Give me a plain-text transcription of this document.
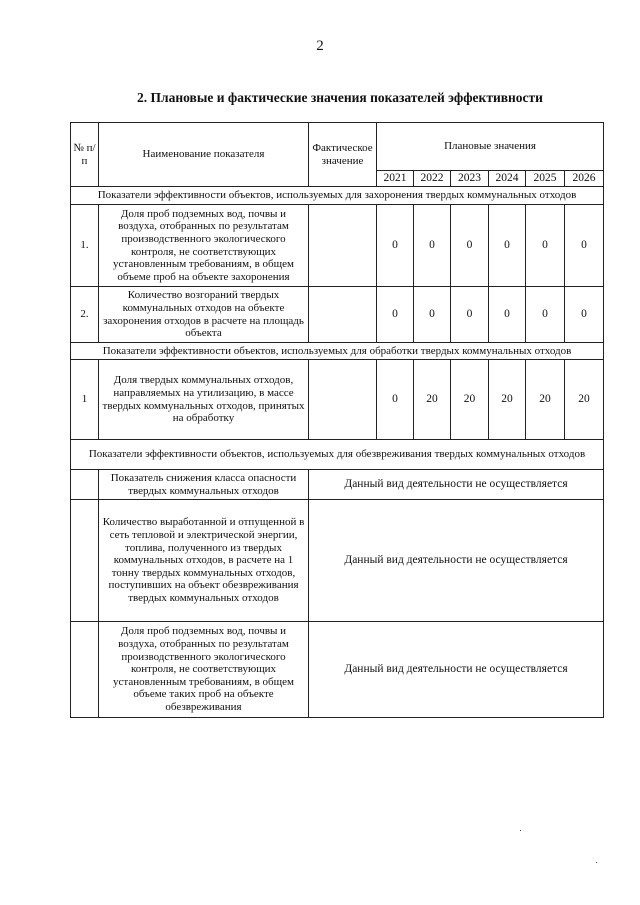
2
2. Плановые и фактические значения показателей эффективности
№ п/п	Наименование показателя	Фактическое значение	Плановые значения					
			2021	2022	2023	2024	2025	2026
Показатели эффективности объектов, используемых для захоронения твердых коммунальных отходов								
1.	Доля проб подземных вод, почвы и воздуха, отобранных по результатам производственного экологического контроля, не соответствующих установленным требованиям, в общем объеме проб на объекте захоронения		0	0	0	0	0	0
2.	Количество возгораний твердых коммунальных отходов на объекте захоронения отходов в расчете на площадь объекта		0	0	0	0	0	0
Показатели эффективности объектов, используемых для обработки твердых коммунальных отходов								
1	Доля твердых коммунальных отходов, направляемых на утилизацию, в массе твердых коммунальных отходов, принятых на обработку		0	20	20	20	20	20
Показатели эффективности объектов, используемых для обезвреживания твердых коммунальных отходов								
	Показатель снижения класса опасности твердых коммунальных отходов	Данный вид деятельности не осуществляется						
	Количество выработанной и отпущенной в сеть тепловой и электрической энергии, топлива, полученного из твердых коммунальных отходов, в расчете на 1 тонну твердых коммунальных отходов, поступивших на объект обезвреживания твердых коммунальных отходов	Данный вид деятельности не осуществляется						
	Доля проб подземных вод, почвы и воздуха, отобранных по результатам производственного экологического контроля, не соответствующих установленным требованиям, в общем объеме таких проб на объекте обезвреживания	Данный вид деятельности не осуществляется						
